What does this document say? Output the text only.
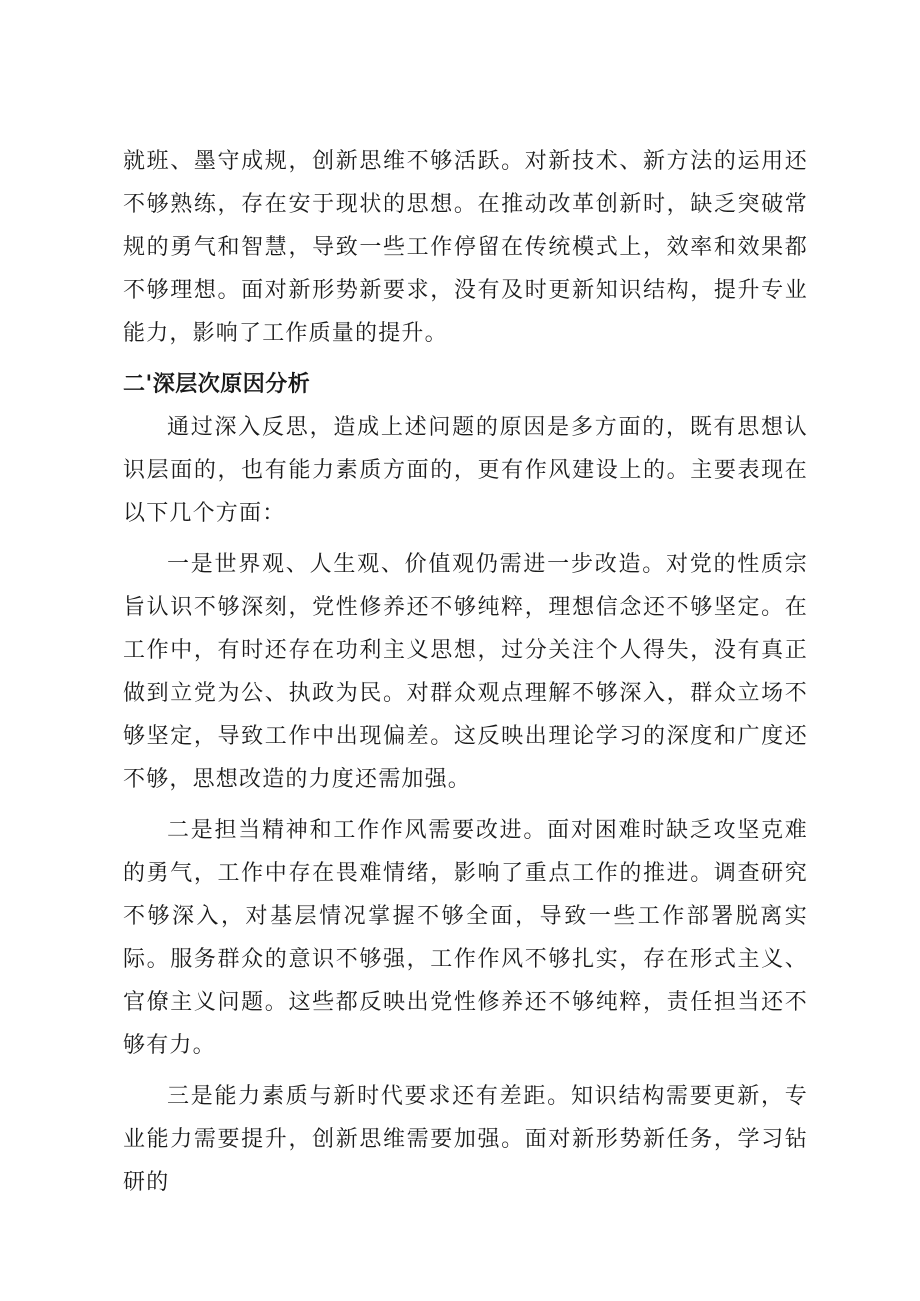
就班、墨守成规，创新思维不够活跃。对新技术、新方法的运用还不够熟练，存在安于现状的思想。在推动改革创新时，缺乏突破常规的勇气和智慧，导致一些工作停留在传统模式上，效率和效果都不够理想。面对新形势新要求，没有及时更新知识结构，提升专业能力，影响了工作质量的提升。

二'深层次原因分析

通过深入反思，造成上述问题的原因是多方面的，既有思想认识层面的，也有能力素质方面的，更有作风建设上的。主要表现在以下几个方面：

一是世界观、人生观、价值观仍需进一步改造。对党的性质宗旨认识不够深刻，党性修养还不够纯粹，理想信念还不够坚定。在工作中，有时还存在功利主义思想，过分关注个人得失，没有真正做到立党为公、执政为民。对群众观点理解不够深入，群众立场不够坚定，导致工作中出现偏差。这反映出理论学习的深度和广度还不够，思想改造的力度还需加强。

二是担当精神和工作作风需要改进。面对困难时缺乏攻坚克难的勇气，工作中存在畏难情绪，影响了重点工作的推进。调查研究不够深入，对基层情况掌握不够全面，导致一些工作部署脱离实际。服务群众的意识不够强，工作作风不够扎实，存在形式主义、官僚主义问题。这些都反映出党性修养还不够纯粹，责任担当还不够有力。

三是能力素质与新时代要求还有差距。知识结构需要更新，专业能力需要提升，创新思维需要加强。面对新形势新任务，学习钻研的
